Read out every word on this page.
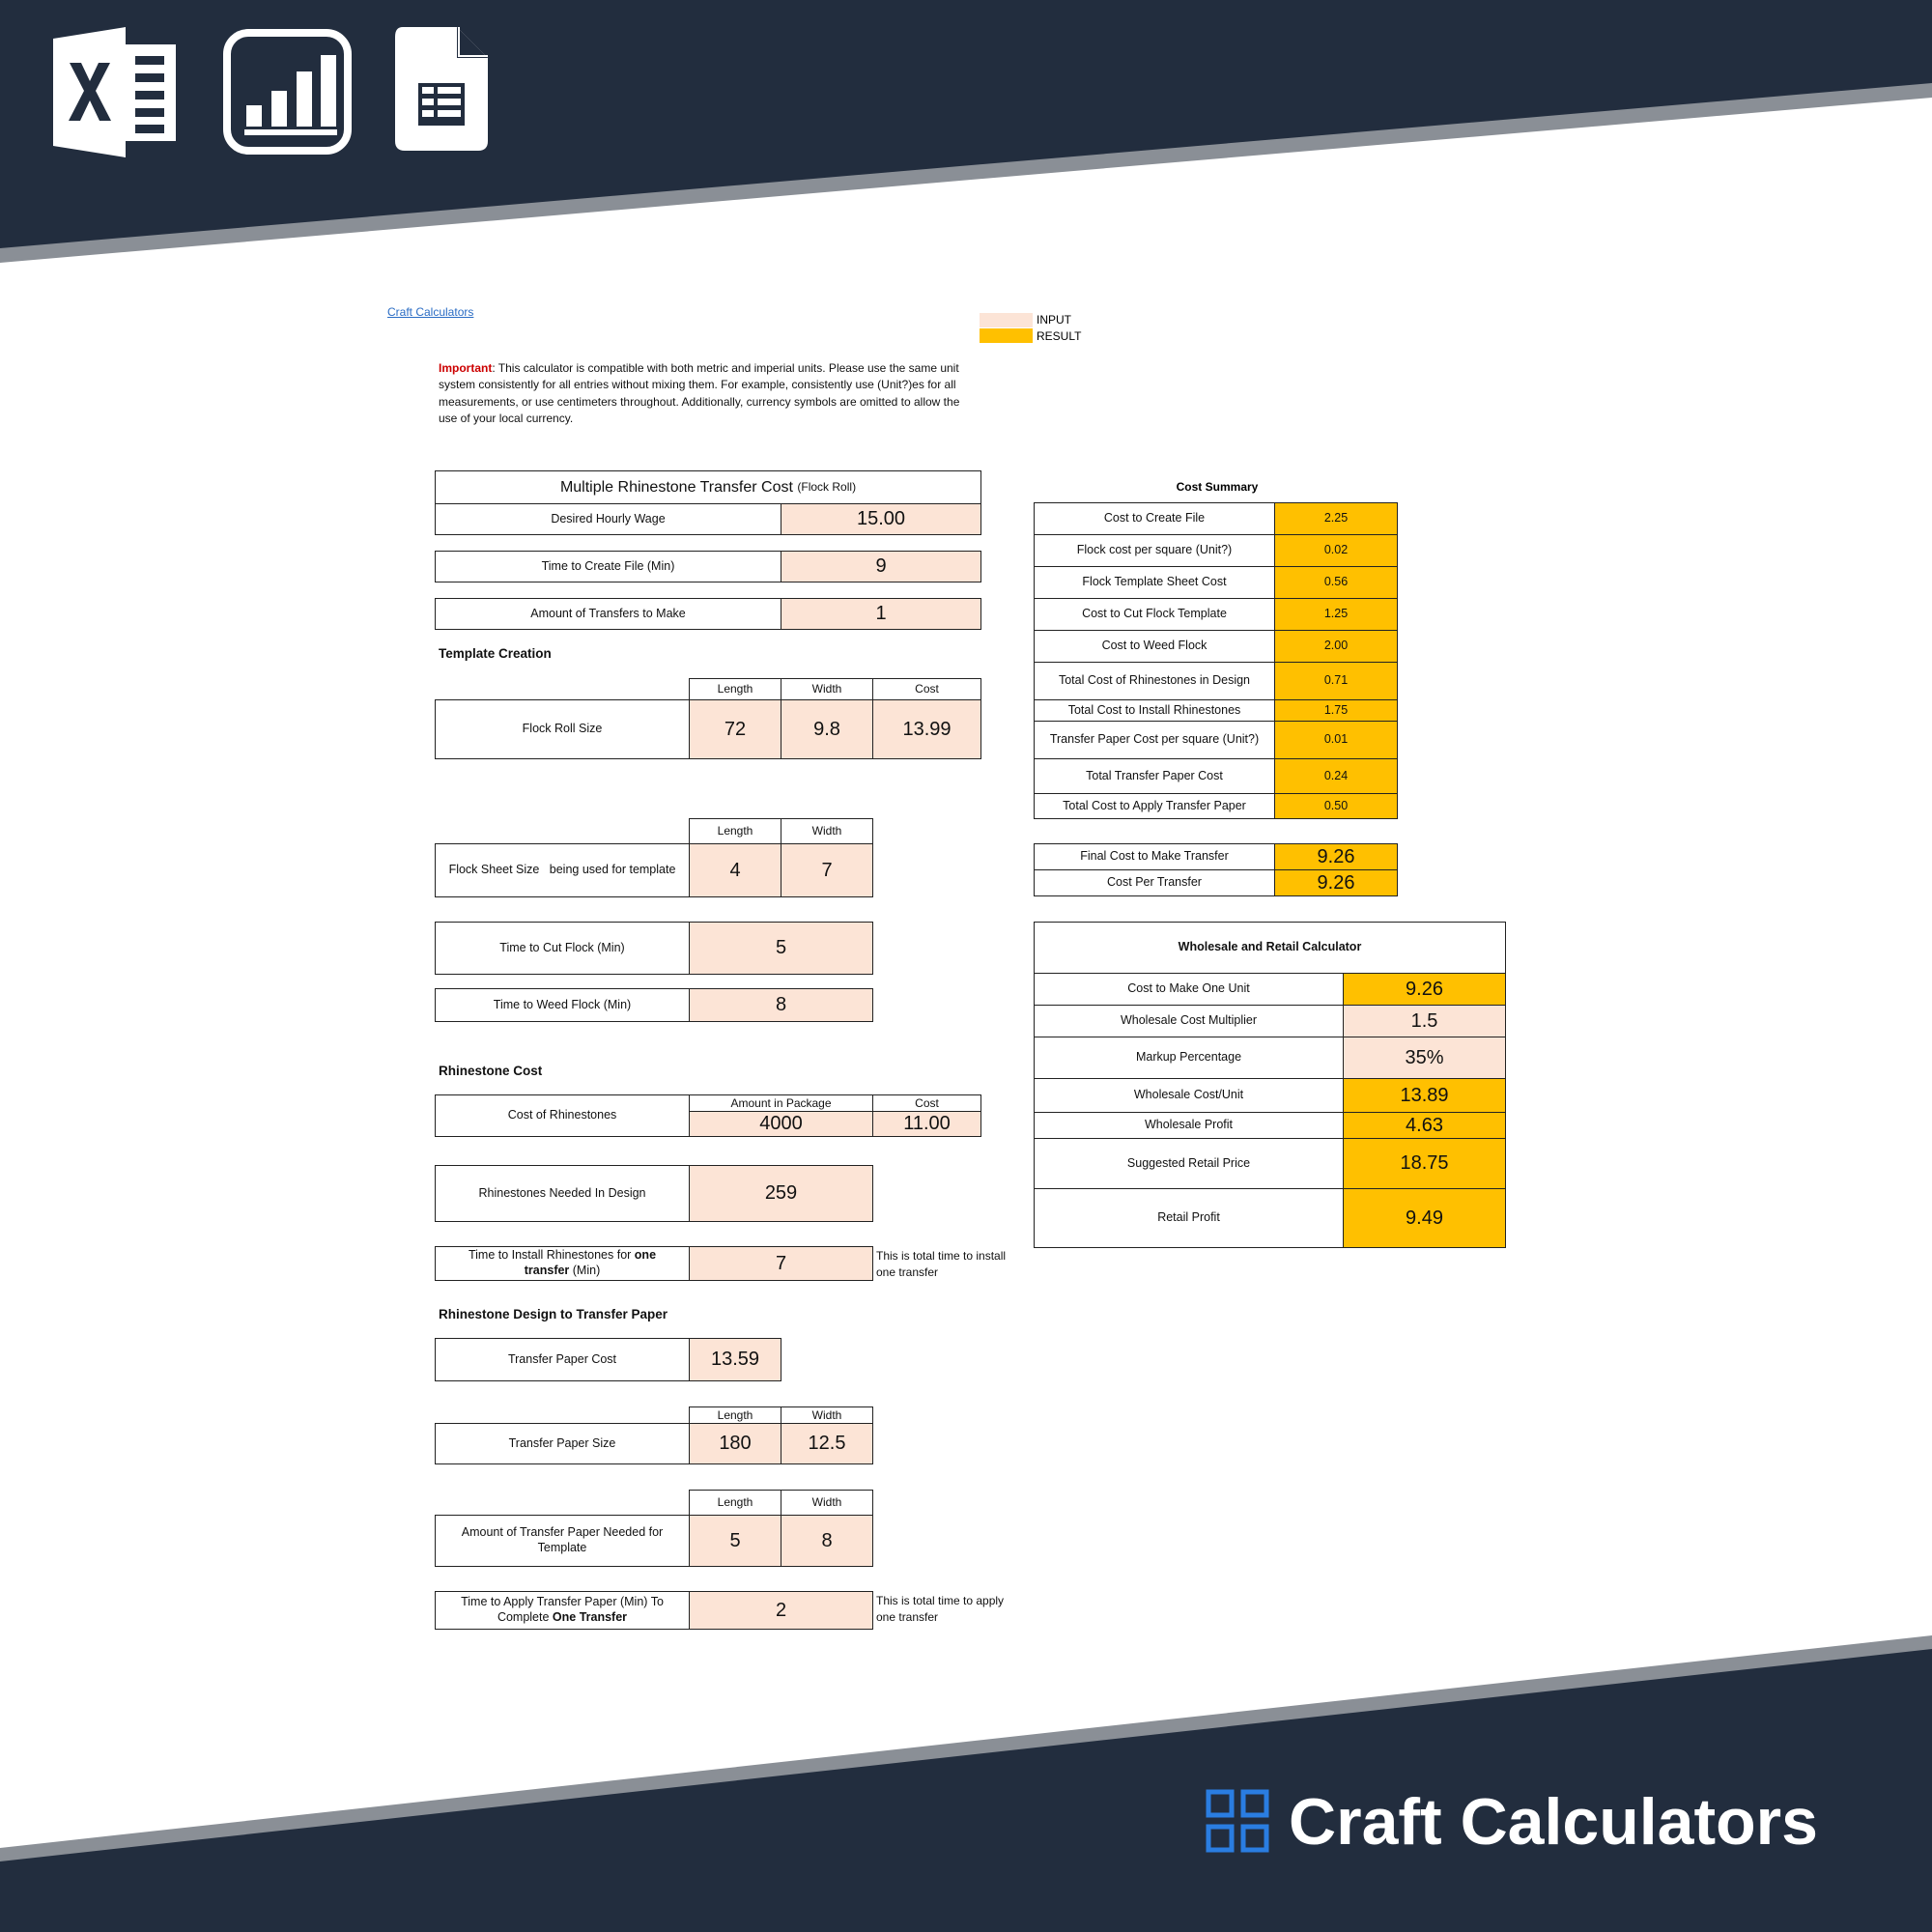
Craft Calculators
INPUT
RESULT
Important: This calculator is compatible with both metric and imperial units. Please use the same unit system consistently for all entries without mixing them. For example, consistently use (Unit?)es for all measurements, or use centimeters throughout. Additionally, currency symbols are omitted to allow the use of your local currency.
Multiple Rhinestone Transfer Cost
(Flock Roll)
Desired Hourly Wage	15.00
Time to Create File (Min)	9
Amount of Transfers to Make	1
Template Creation
Length	Width	Cost
Flock Roll Size	72	9.8	13.99
Length	Width
Flock Sheet Size   being used for template	4	7
Time to Cut Flock (Min)	5
Time to Weed Flock (Min)	8
Rhinestone Cost
Amount in Package	Cost
Cost of Rhinestones	4000	11.00
Rhinestones Needed In Design	259
Time to Install Rhinestones for one transfer (Min)	7	This is total time to install
one transfer
Rhinestone Design to Transfer Paper
Transfer Paper Cost	13.59
Length	Width
Transfer Paper Size	180	12.5
Length	Width
Amount of Transfer Paper Needed for Template	5	8
Time to Apply Transfer Paper (Min) To Complete One Transfer	2	This is total time to apply
one transfer
Cost Summary
Cost to Create File	2.25
Flock cost per square (Unit?)	0.02
Flock Template Sheet Cost	0.56
Cost to Cut Flock Template	1.25
Cost to Weed Flock	2.00
Total Cost of Rhinestones in Design	0.71
Total Cost to Install Rhinestones	1.75
Transfer Paper Cost per square (Unit?)	0.01
Total Transfer Paper Cost	0.24
Total Cost to Apply Transfer Paper	0.50
Final Cost to Make Transfer	9.26
Cost Per Transfer	9.26
Wholesale and Retail Calculator
Cost to Make One Unit	9.26
Wholesale Cost Multiplier	1.5
Markup Percentage	35%
Wholesale Cost/Unit	13.89
Wholesale Profit	4.63
Suggested Retail Price	18.75
Retail Profit	9.49
Craft Calculators
